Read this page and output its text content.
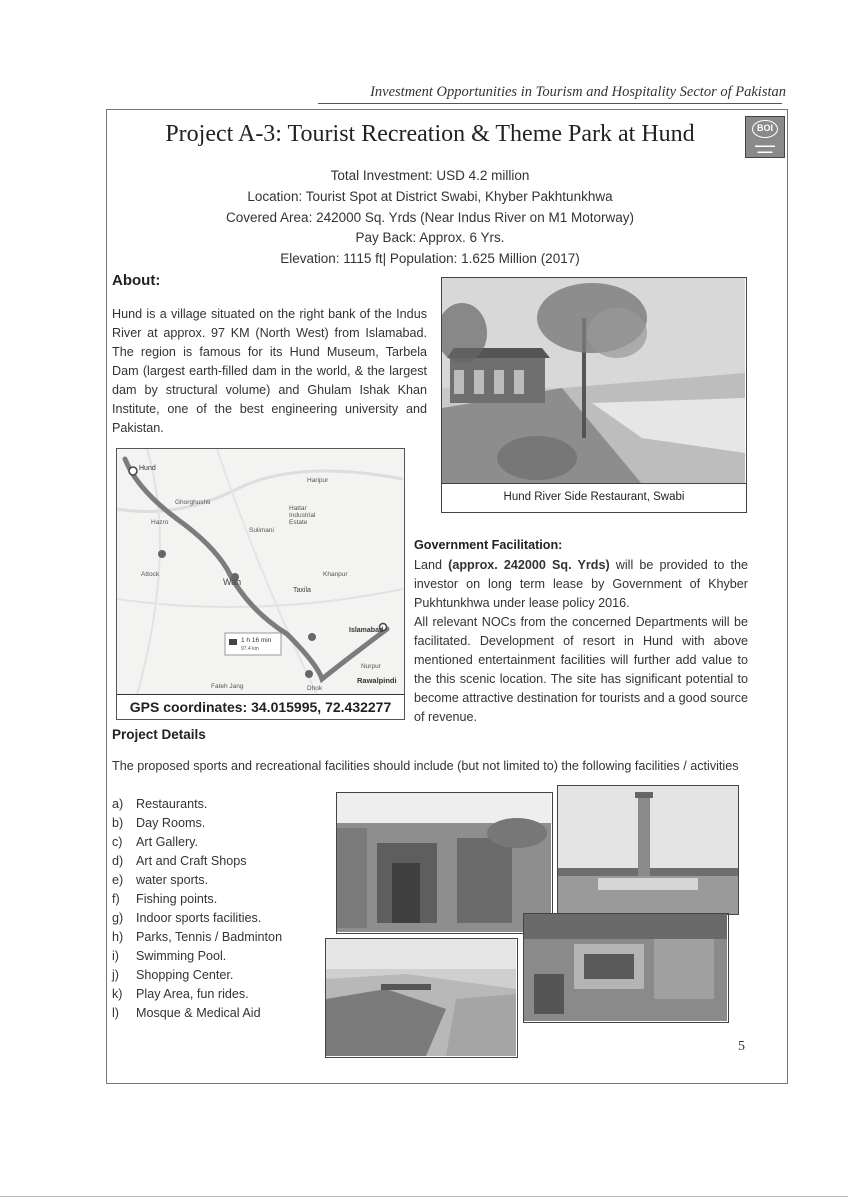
Investment Opportunities in Tourism and Hospitality Sector of Pakistan
Project A-3: Tourist Recreation & Theme Park at Hund	BOI
▬▬▬▬
▬▬▬
Total Investment: USD 4.2 million
Location: Tourist Spot at District Swabi, Khyber Pakhtunkhwa
Covered Area: 242000 Sq. Yrds (Near Indus River on M1 Motorway)
Pay Back: Approx. 6 Yrs.
Elevation: 1115 ft| Population: 1.625 Million (2017)
About:
Hund is a village situated on the right bank of the Indus River at approx. 97 KM (North West) from Islamabad. The region is famous for its Hund Museum, Tarbela Dam (largest earth-filled dam in the world, & the largest dam by structural volume) and Ghulam Ishak Khan Institute, one of the best engineering university and Pakistan.
Hund River Side Restaurant, Swabi
Hund
Haripur
Ghorghushti
Hattar Industrial Estate
Sulimani
Hazro
Attock
Wah
Taxila
Khanpur
Islamabad
Rawalpindi
Fateh Jang	Dhok
Nurpur
1 h 16 min
97.4 km
GPS coordinates: 34.015995, 72.432277
Government Facilitation:
Land (approx. 242000 Sq. Yrds) will be provided to the investor on long term lease by Government of Khyber Pukhtunkhwa under lease policy 2016.
All relevant NOCs from the concerned Departments will be facilitated. Development of resort in Hund with above mentioned entertainment facilities will further add value to the this scenic location. The site has significant potential to become attractive destination for tourists and a good source of revenue.
Project Details
The proposed sports and recreational facilities should include (but not limited to) the following facilities / activities
a) Restaurants.
b) Day Rooms.
c) Art Gallery.
d) Art and Craft Shops
e) water sports.
f) Fishing points.
g) Indoor sports facilities.
h) Parks, Tennis / Badminton
i) Swimming Pool.
j) Shopping Center.
k) Play Area, fun rides.
l) Mosque & Medical Aid
5
